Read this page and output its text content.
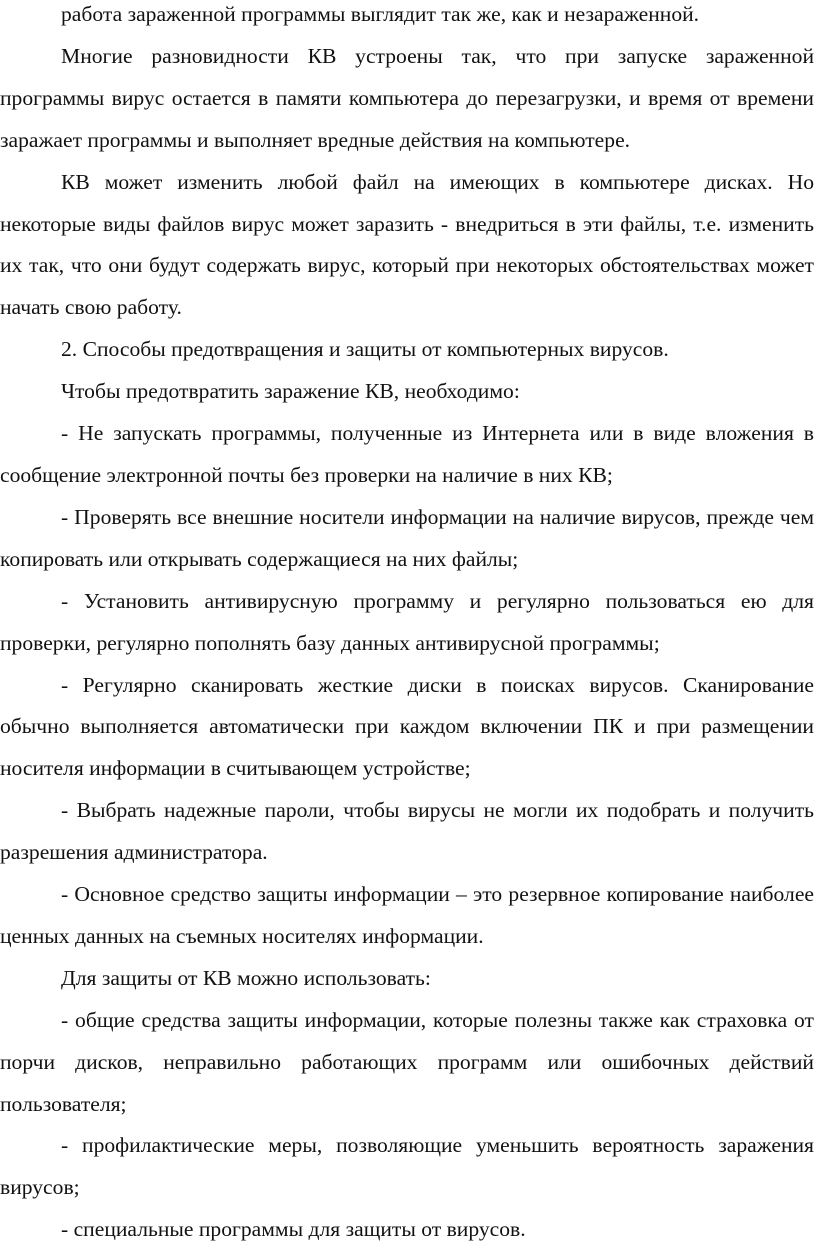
работа зараженной программы выглядит так же, как и незараженной.

Многие разновидности КВ устроены так, что при запуске зараженной программы вирус остается в памяти компьютера до перезагрузки, и время от времени заражает программы и выполняет вредные действия на компьютере.

КВ может изменить любой файл на имеющих в компьютере дисках. Но некоторые виды файлов вирус может заразить - внедриться в эти файлы, т.е. изменить их так, что они будут содержать вирус, который при некоторых обстоятельствах может начать свою работу.

2. Способы предотвращения и защиты от компьютерных вирусов.

Чтобы предотвратить заражение КВ, необходимо:

- Не запускать программы, полученные из Интернета или в виде вложения в сообщение электронной почты без проверки на наличие в них КВ;

- Проверять все внешние носители информации на наличие вирусов, прежде чем копировать или открывать содержащиеся на них файлы;

- Установить антивирусную программу и регулярно пользоваться ею для проверки, регулярно пополнять базу данных антивирусной программы;

- Регулярно сканировать жесткие диски в поисках вирусов. Сканирование обычно выполняется автоматически при каждом включении ПК и при размещении носителя информации в считывающем устройстве;

- Выбрать надежные пароли, чтобы вирусы не могли их подобрать и получить разрешения администратора.

- Основное средство защиты информации – это резервное копирование наиболее ценных данных на съемных носителях информации.

Для защиты от КВ можно использовать:

- общие средства защиты информации, которые полезны также как страховка от порчи дисков, неправильно работающих программ или ошибочных действий пользователя;

- профилактические меры, позволяющие уменьшить вероятность заражения вирусов;

- специальные программы для защиты от вирусов.
